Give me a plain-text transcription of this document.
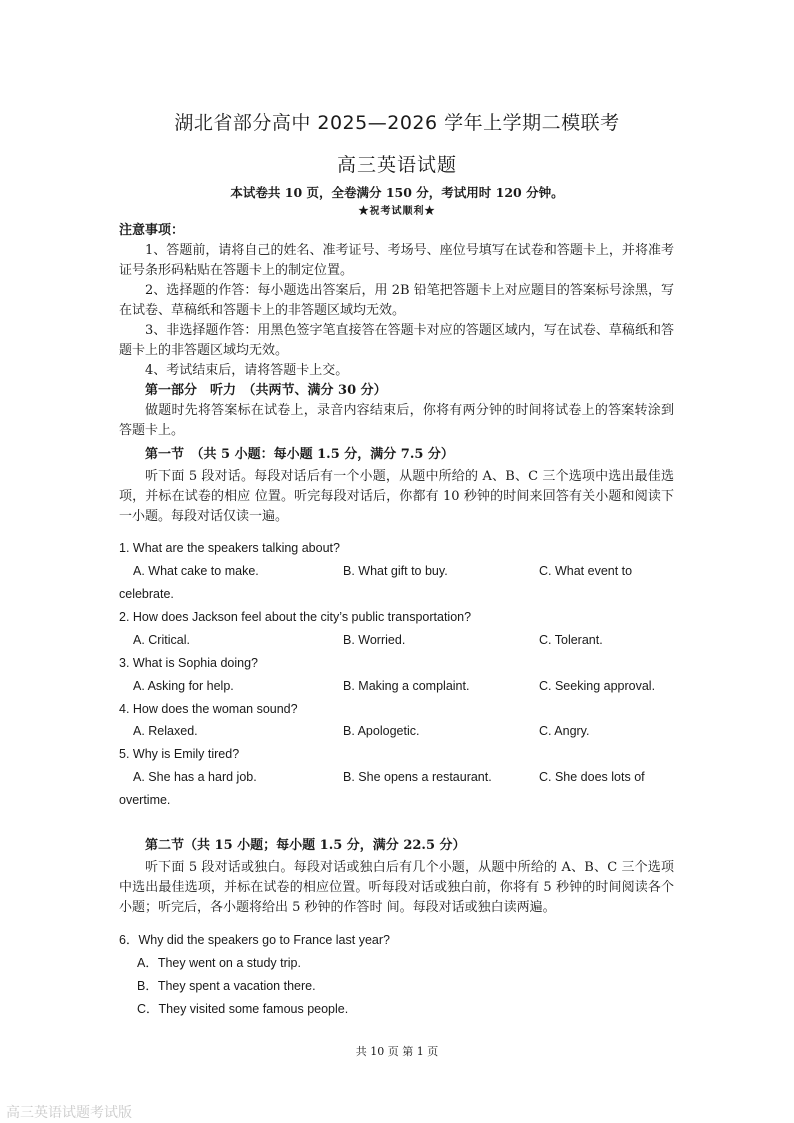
湖北省部分高中 2025—2026 学年上学期二模联考
高三英语试题
本试卷共 10 页，全卷满分 150 分，考试用时 120 分钟。
★祝考试顺利★

注意事项：

1、答题前，请将自己的姓名、准考证号、考场号、座位号填写在试卷和答题卡上，并将准考证号条形码粘贴在答题卡上的制定位置。

2、选择题的作答：每小题选出答案后，用 2B 铅笔把答题卡上对应题目的答案标号涂黑，写在试卷、草稿纸和答题卡上的非答题区域均无效。

3、非选择题作答：用黑色签字笔直接答在答题卡对应的答题区域内，写在试卷、草稿纸和答题卡上的非答题区域均无效。

4、考试结束后，请将答题卡上交。

第一部分　听力　（共两节、满分 30 分）

做题时先将答案标在试卷上，录音内容结束后，你将有两分钟的时间将试卷上的答案转涂到答题卡上。

第一节　（共 5 小题：每小题 1.5 分，满分 7.5 分）

听下面 5 段对话。每段对话后有一个小题，从题中所给的 A、B、C 三个选项中选出最佳选项，并标在试卷的相应 位置。听完每段对话后，你都有 10 秒钟的时间来回答有关小题和阅读下一小题。每段对话仅读一遍。

1. What are the speakers talking about?
A. What cake to make.	B. What gift to buy.	C. What event to
celebrate.
2. How does Jackson feel about the city’s public transportation?
A. Critical.	B. Worried.	C. Tolerant.
3. What is Sophia doing?
A. Asking for help.	B. Making a complaint.	C. Seeking approval.
4. How does the woman sound?
A. Relaxed.	B. Apologetic.	C. Angry.
5. Why is Emily tired?
A. She has a hard job.	B. She opens a restaurant.	C. She does lots of
overtime.

第二节（共 15 小题；每小题 1.5 分，满分 22.5 分）

听下面 5 段对话或独白。每段对话或独白后有几个小题，从题中所给的 A、B、C 三个选项中选出最佳选项，并标在试卷的相应位置。听每段对话或独白前，你将有 5 秒钟的时间阅读各个小题；听完后，各小题将给出 5 秒钟的作答时 间。每段对话或独白读两遍。

6．Why did the speakers go to France last year?
A．They went on a study trip.
B．They spent a vacation there.
C．They visited some famous people.
共 10 页 第 1 页
高三英语试题考试版
